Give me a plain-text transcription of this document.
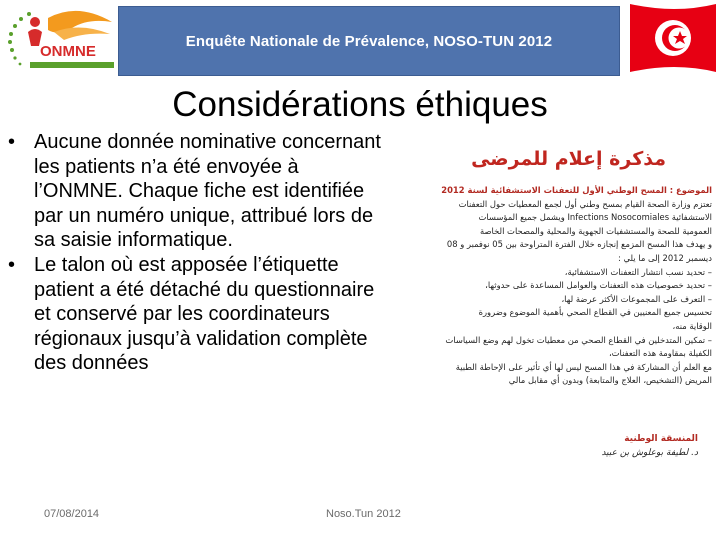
ONMNE
Enquête Nationale de Prévalence, NOSO-TUN 2012
Considérations éthiques
• Aucune donnée nominative concernant les patients n’a été envoyée à l’ONMNE. Chaque fiche est identifiée par un numéro unique, attribué lors de sa saisie informatique.
• Le talon où est apposée l’étiquette patient a été détaché du questionnaire et conservé par les coordinateurs régionaux jusqu’à validation complète des données
مذكرة إعلام للمرضى
الموضوع : المسح الوطني الأول للتعفنات الاستشفائية لسنة 2012
تعتزم وزارة الصحة القيام بمسح وطني أول لجمع المعطيات حول التعفنات
الاستشفائية Infections Nosocomiales ويشمل جميع المؤسسات
العمومية للصحة والمستشفيات الجهوية والمحلية والمصحات الخاصة
و يهدف هذا المسح المزمع إنجازه خلال الفترة المتراوحة بين 05 نوفمبر و 08
ديسمبر 2012 إلى ما يلي :
– تحديد نسب انتشار التعفنات الاستشفائية،
– تحديد خصوصيات هذه التعفنات والعوامل المساعدة على حدوثها،
– التعرف على المجموعات الأكثر عرضة لها،
تحسيس جميع المعنيين في القطاع الصحي بأهمية الموضوع وضرورة
الوقاية منه،
– تمكين المتدخلين في القطاع الصحي من معطيات تخول لهم وضع السياسات
الكفيلة بمقاومة هذه التعفنات،
مع العلم أن المشاركة في هذا المسح ليس لها أي تأثير على الإحاطة الطبية
المريض (التشخيص، العلاج والمتابعة) وبدون أي مقابل مالي
المنسقة الوطنية
د. لطيفة بوعلوش بن عبيد
07/08/2014	Noso.Tun 2012
